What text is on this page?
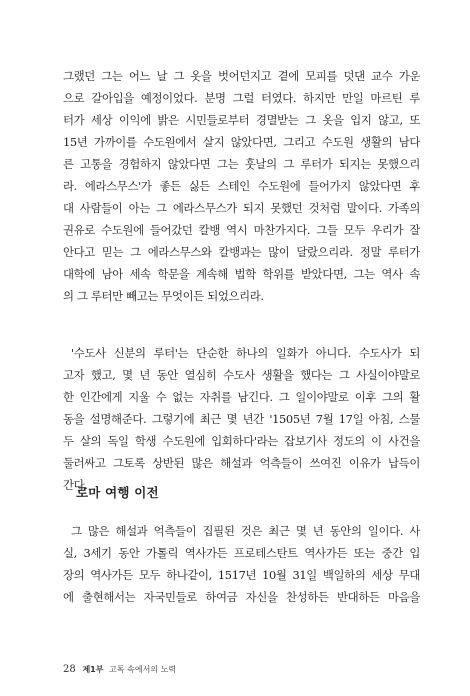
그랬던 그는 어느 날 그 옷을 벗어던지고 곁에 모피를 덧댄 교수 가운
으로 갈아입을 예정이었다. 분명 그럴 터였다. 하지만 만일 마르틴 루
터가 세상 이익에 밝은 시민들로부터 경멸받는 그 옷을 입지 않고, 또
15년 가까이를 수도원에서 살지 않았다면, 그리고 수도원 생활의 남다
른 고통을 경험하지 않았다면 그는 훗날의 그 루터가 되지는 못했으리
라. 에라스무스'가 좋든 싫든 스테인 수도원에 들어가지 않았다면 후
대 사람들이 아는 그 에라스무스가 되지 못했던 것처럼 말이다. 가족의
권유로 수도원에 들어갔던 칼뱅 역시 마찬가지다. 그들 모두 우리가 잘
안다고 믿는 그 에라스무스와 칼뱅과는 많이 달랐으리라. 정말 루터가
대학에 남아 세속 학문을 계속해 법학 학위를 받았다면, 그는 역사 속
의 그 루터만 빼고는 무엇이든 되었으리라.
'수도사 신분의 루터'는 단순한 하나의 일화가 아니다. 수도사가 되
고자 했고, 몇 년 동안 열심히 수도사 생활을 했다는 그 사실이야말로
한 인간에게 지울 수 없는 자취를 남긴다. 그 일이야말로 이후 그의 활
동을 설명해준다. 그렇기에 최근 몇 년간 '1505년 7월 17일 아침, 스물
두 살의 독일 학생 수도원에 입회하다'라는 잡보기사 정도의 이 사건을
둘러싸고 그토록 상반된 많은 해설과 억측들이 쓰여진 이유가 납득이
간다.
로마 여행 이전
그 많은 해설과 억측들이 집필된 것은 최근 몇 년 동안의 일이다. 사
실, 3세기 동안 가톨릭 역사가든 프로테스탄트 역사가든 또는 중간 입
장의 역사가든 모두 하나같이, 1517년 10월 31일 백일하의 세상 무대
에 출현해서는 자국민들로 하여금 자신을 찬성하든 반대하든 마음을
28 제1부 고독 속에서의 노력
